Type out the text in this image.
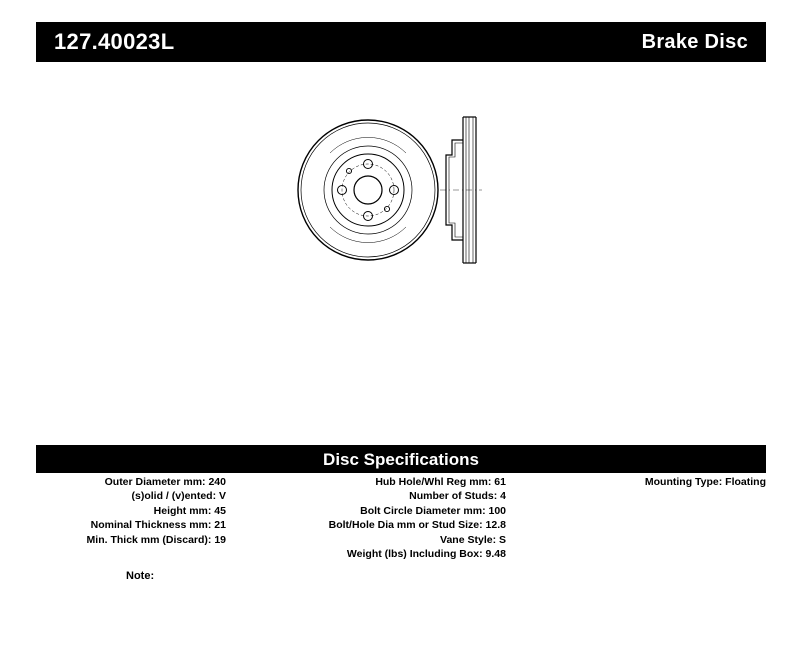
127.40023L	Brake Disc
Disc Specifications
Outer Diameter mm: 240
(s)olid / (v)ented: V
Height mm: 45
Nominal Thickness mm: 21
Min. Thick mm (Discard): 19
Hub Hole/Whl Reg mm: 61
Number of Studs: 4
Bolt Circle Diameter mm: 100
Bolt/Hole Dia mm or Stud Size: 12.8
Vane Style: S
Weight (lbs) Including Box: 9.48
Mounting Type: Floating
Note:
